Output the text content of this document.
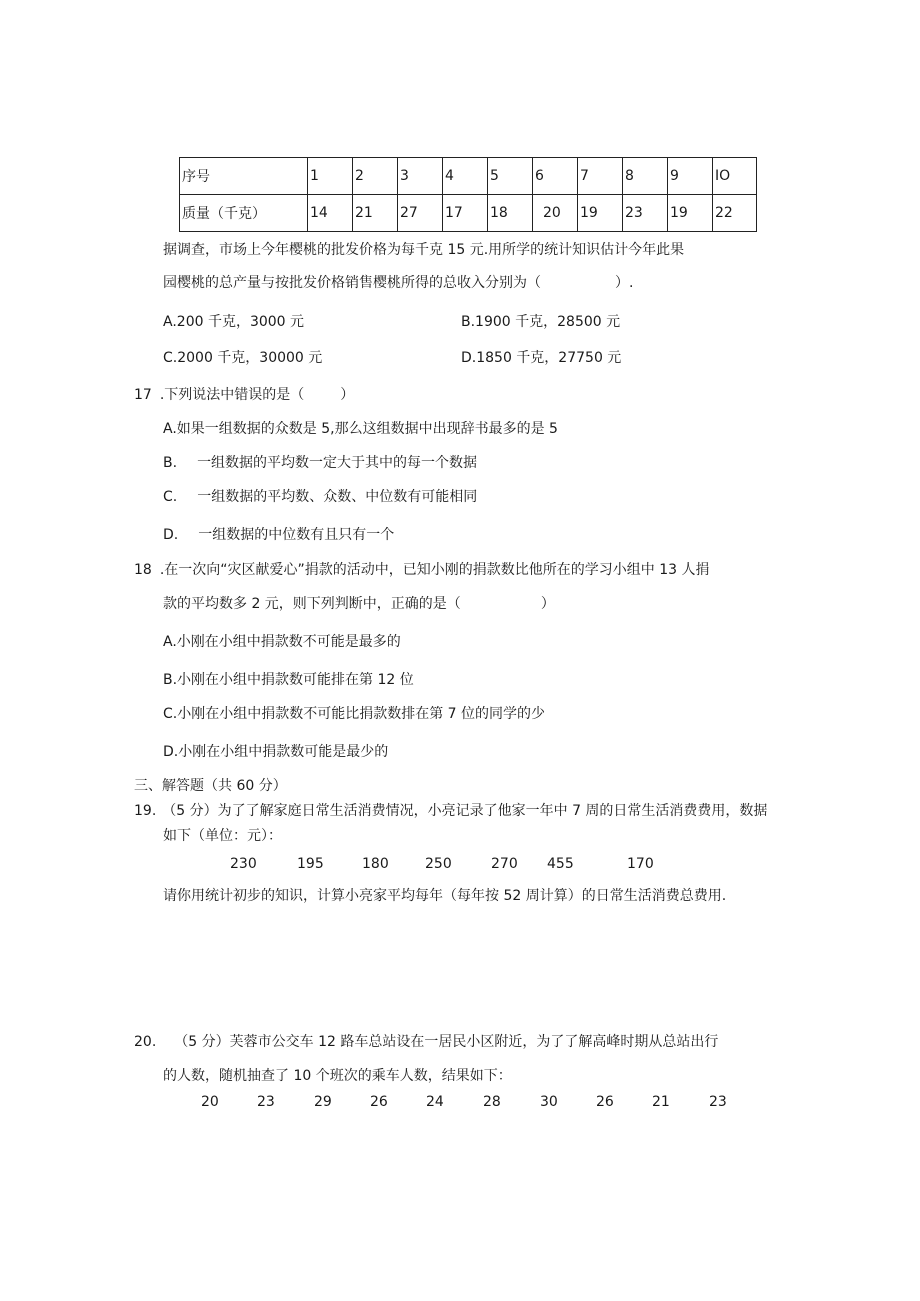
序号	1	2	3	4	5	6	7	8	9	IO
质量（千克）	14	21	27	17	18	20	19	23	19	22
据调查，市场上今年樱桃的批发价格为每千克 15 元.用所学的统计知识估计今年此果
园樱桃的总产量与按批发价格销售樱桃所得的总收入分别为（	）.
A.200 千克，3000 元	B.1900 千克，28500 元
C.2000 千克，30000 元	D.1850 千克，27750 元
17 .下列说法中错误的是（	）
A.如果一组数据的众数是 5,那么这组数据中出现辞书最多的是 5
B. 一组数据的平均数一定大于其中的每一个数据
C. 一组数据的平均数、众数、中位数有可能相同
D. 一组数据的中位数有且只有一个
18 .在一次向“灾区献爱心”捐款的活动中，已知小刚的捐款数比他所在的学习小组中 13 人捐
款的平均数多 2 元，则下列判断中，正确的是（	）
A.小刚在小组中捐款数不可能是最多的
B.小刚在小组中捐款数可能排在第 12 位
C.小刚在小组中捐款数不可能比捐款数排在第 7 位的同学的少
D.小刚在小组中捐款数可能是最少的
三、解答题（共 60 分）
19. （5 分）为了了解家庭日常生活消费情况，小亮记录了他家一年中 7 周的日常生活消费费用，数据
如下（单位：元）：
230	195	180	250	270 455	170
请你用统计初步的知识，计算小亮家平均每年（每年按 52 周计算）的日常生活消费总费用.
20. （5 分）芙蓉市公交车 12 路车总站设在一居民小区附近，为了了解高峰时期从总站出行
的人数，随机抽查了 10 个班次的乘车人数，结果如下：
20	23	29	26	24	28	30	26	21	23
